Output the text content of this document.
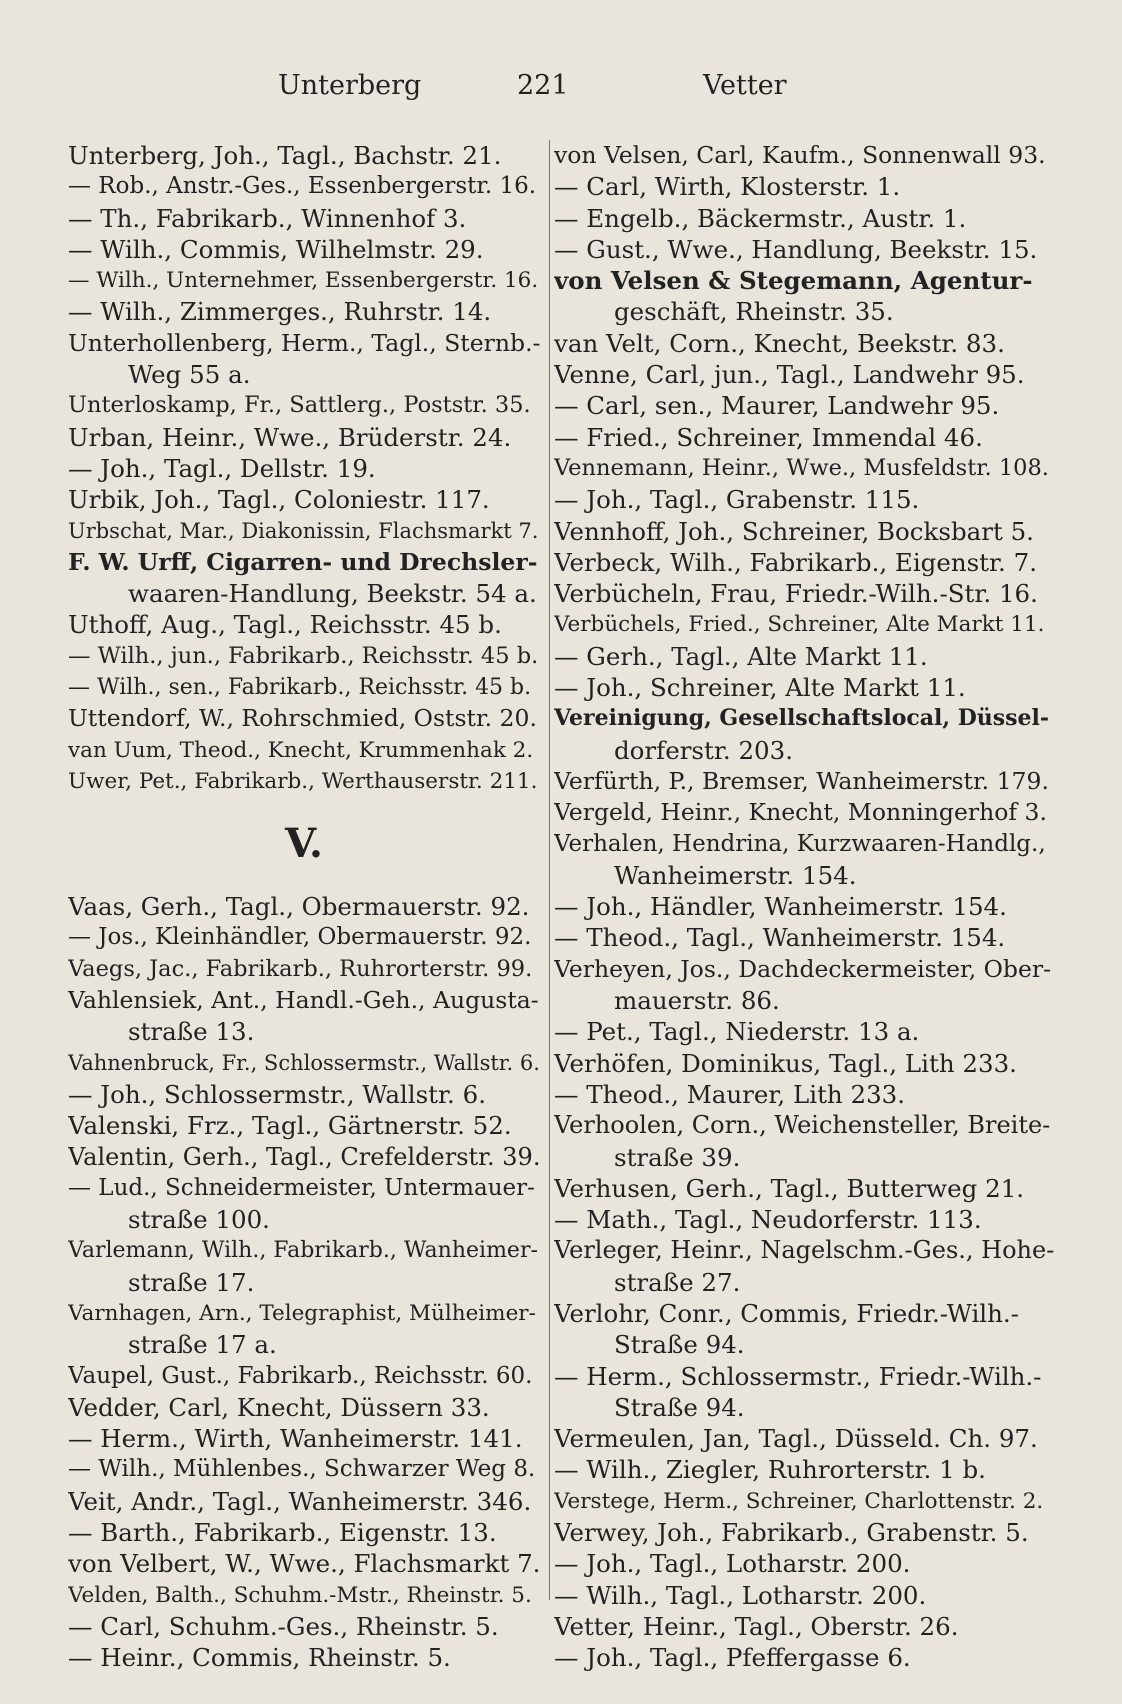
Unterberg	221	Vetter
Unterberg, Joh., Tagl., Bachstr. 21.
— Rob., Anstr.-Ges., Essenbergerstr. 16.
— Th., Fabrikarb., Winnenhof 3.
— Wilh., Commis, Wilhelmstr. 29.
— Wilh., Unternehmer, Essenbergerstr. 16.
— Wilh., Zimmerges., Ruhrstr. 14.
Unterhollenberg, Herm., Tagl., Sternb.-
Weg 55 a.
Unterloskamp, Fr., Sattlerg., Poststr. 35.
Urban, Heinr., Wwe., Brüderstr. 24.
— Joh., Tagl., Dellstr. 19.
Urbik, Joh., Tagl., Coloniestr. 117.
Urbschat, Mar., Diakonissin, Flachsmarkt 7.
F. W. Urff, Cigarren- und Drechsler-
waaren-Handlung, Beekstr. 54 a.
Uthoff, Aug., Tagl., Reichsstr. 45 b.
— Wilh., jun., Fabrikarb., Reichsstr. 45 b.
— Wilh., sen., Fabrikarb., Reichsstr. 45 b.
Uttendorf, W., Rohrschmied, Oststr. 20.
van Uum, Theod., Knecht, Krummenhak 2.
Uwer, Pet., Fabrikarb., Werthauserstr. 211.
V.
Vaas, Gerh., Tagl., Obermauerstr. 92.
— Jos., Kleinhändler, Obermauerstr. 92.
Vaegs, Jac., Fabrikarb., Ruhrorterstr. 99.
Vahlensiek, Ant., Handl.-Geh., Augusta-
straße 13.
Vahnenbruck, Fr., Schlossermstr., Wallstr. 6.
— Joh., Schlossermstr., Wallstr. 6.
Valenski, Frz., Tagl., Gärtnerstr. 52.
Valentin, Gerh., Tagl., Crefelderstr. 39.
— Lud., Schneidermeister, Untermauer-
straße 100.
Varlemann, Wilh., Fabrikarb., Wanheimer-
straße 17.
Varnhagen, Arn., Telegraphist, Mülheimer-
straße 17 a.
Vaupel, Gust., Fabrikarb., Reichsstr. 60.
Vedder, Carl, Knecht, Düssern 33.
— Herm., Wirth, Wanheimerstr. 141.
— Wilh., Mühlenbes., Schwarzer Weg 8.
Veit, Andr., Tagl., Wanheimerstr. 346.
— Barth., Fabrikarb., Eigenstr. 13.
von Velbert, W., Wwe., Flachsmarkt 7.
Velden, Balth., Schuhm.-Mstr., Rheinstr. 5.
— Carl, Schuhm.-Ges., Rheinstr. 5.
— Heinr., Commis, Rheinstr. 5.
von Velsen, Carl, Kaufm., Sonnenwall 93.
— Carl, Wirth, Klosterstr. 1.
— Engelb., Bäckermstr., Austr. 1.
— Gust., Wwe., Handlung, Beekstr. 15.
von Velsen & Stegemann, Agentur-
geschäft, Rheinstr. 35.
van Velt, Corn., Knecht, Beekstr. 83.
Venne, Carl, jun., Tagl., Landwehr 95.
— Carl, sen., Maurer, Landwehr 95.
— Fried., Schreiner, Immendal 46.
Vennemann, Heinr., Wwe., Musfeldstr. 108.
— Joh., Tagl., Grabenstr. 115.
Vennhoff, Joh., Schreiner, Bocksbart 5.
Verbeck, Wilh., Fabrikarb., Eigenstr. 7.
Verbücheln, Frau, Friedr.-Wilh.-Str. 16.
Verbüchels, Fried., Schreiner, Alte Markt 11.
— Gerh., Tagl., Alte Markt 11.
— Joh., Schreiner, Alte Markt 11.
Vereinigung, Gesellschaftslocal, Düssel-
dorferstr. 203.
Verfürth, P., Bremser, Wanheimerstr. 179.
Vergeld, Heinr., Knecht, Monningerhof 3.
Verhalen, Hendrina, Kurzwaaren-Handlg.,
Wanheimerstr. 154.
— Joh., Händler, Wanheimerstr. 154.
— Theod., Tagl., Wanheimerstr. 154.
Verheyen, Jos., Dachdeckermeister, Ober-
mauerstr. 86.
— Pet., Tagl., Niederstr. 13 a.
Verhöfen, Dominikus, Tagl., Lith 233.
— Theod., Maurer, Lith 233.
Verhoolen, Corn., Weichensteller, Breite-
straße 39.
Verhusen, Gerh., Tagl., Butterweg 21.
— Math., Tagl., Neudorferstr. 113.
Verleger, Heinr., Nagelschm.-Ges., Hohe-
straße 27.
Verlohr, Conr., Commis, Friedr.-Wilh.-
Straße 94.
— Herm., Schlossermstr., Friedr.-Wilh.-
Straße 94.
Vermeulen, Jan, Tagl., Düsseld. Ch. 97.
— Wilh., Ziegler, Ruhrorterstr. 1 b.
Verstege, Herm., Schreiner, Charlottenstr. 2.
Verwey, Joh., Fabrikarb., Grabenstr. 5.
— Joh., Tagl., Lotharstr. 200.
— Wilh., Tagl., Lotharstr. 200.
Vetter, Heinr., Tagl., Oberstr. 26.
— Joh., Tagl., Pfeffergasse 6.
